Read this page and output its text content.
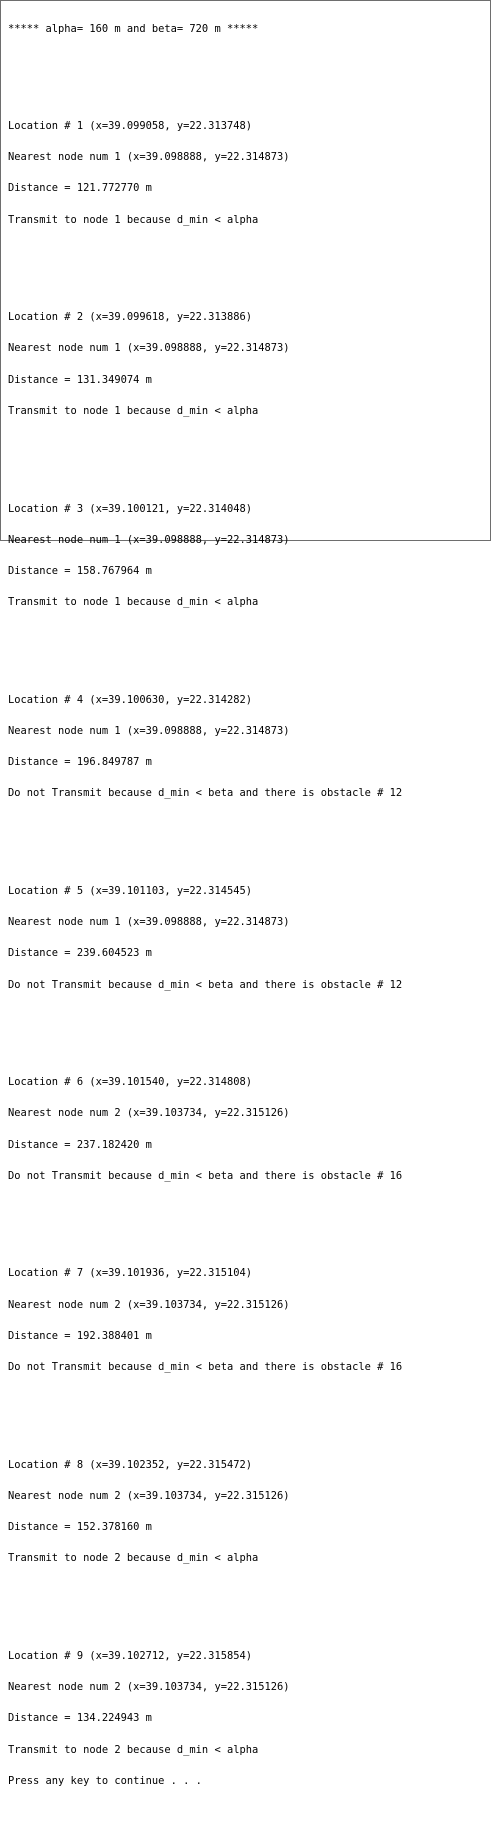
***** alpha= 160 m and beta= 720 m *****

Location # 1 (x=39.099058, y=22.313748)

Nearest node num 1 (x=39.098888, y=22.314873)

Distance = 121.772770 m

Transmit to node 1 because d_min < alpha

Location # 2 (x=39.099618, y=22.313886)

Nearest node num 1 (x=39.098888, y=22.314873)

Distance = 131.349074 m

Transmit to node 1 because d_min < alpha

Location # 3 (x=39.100121, y=22.314048)

Nearest node num 1 (x=39.098888, y=22.314873)

Distance = 158.767964 m

Transmit to node 1 because d_min < alpha

Location # 4 (x=39.100630, y=22.314282)

Nearest node num 1 (x=39.098888, y=22.314873)

Distance = 196.849787 m

Do not Transmit because d_min < beta and there is obstacle # 12

Location # 5 (x=39.101103, y=22.314545)

Nearest node num 1 (x=39.098888, y=22.314873)

Distance = 239.604523 m

Do not Transmit because d_min < beta and there is obstacle # 12

Location # 6 (x=39.101540, y=22.314808)

Nearest node num 2 (x=39.103734, y=22.315126)

Distance = 237.182420 m

Do not Transmit because d_min < beta and there is obstacle # 16

Location # 7 (x=39.101936, y=22.315104)

Nearest node num 2 (x=39.103734, y=22.315126)

Distance = 192.388401 m

Do not Transmit because d_min < beta and there is obstacle # 16

Location # 8 (x=39.102352, y=22.315472)

Nearest node num 2 (x=39.103734, y=22.315126)

Distance = 152.378160 m

Transmit to node 2 because d_min < alpha

Location # 9 (x=39.102712, y=22.315854)

Nearest node num 2 (x=39.103734, y=22.315126)

Distance = 134.224943 m

Transmit to node 2 because d_min < alpha

Press any key to continue . . .
